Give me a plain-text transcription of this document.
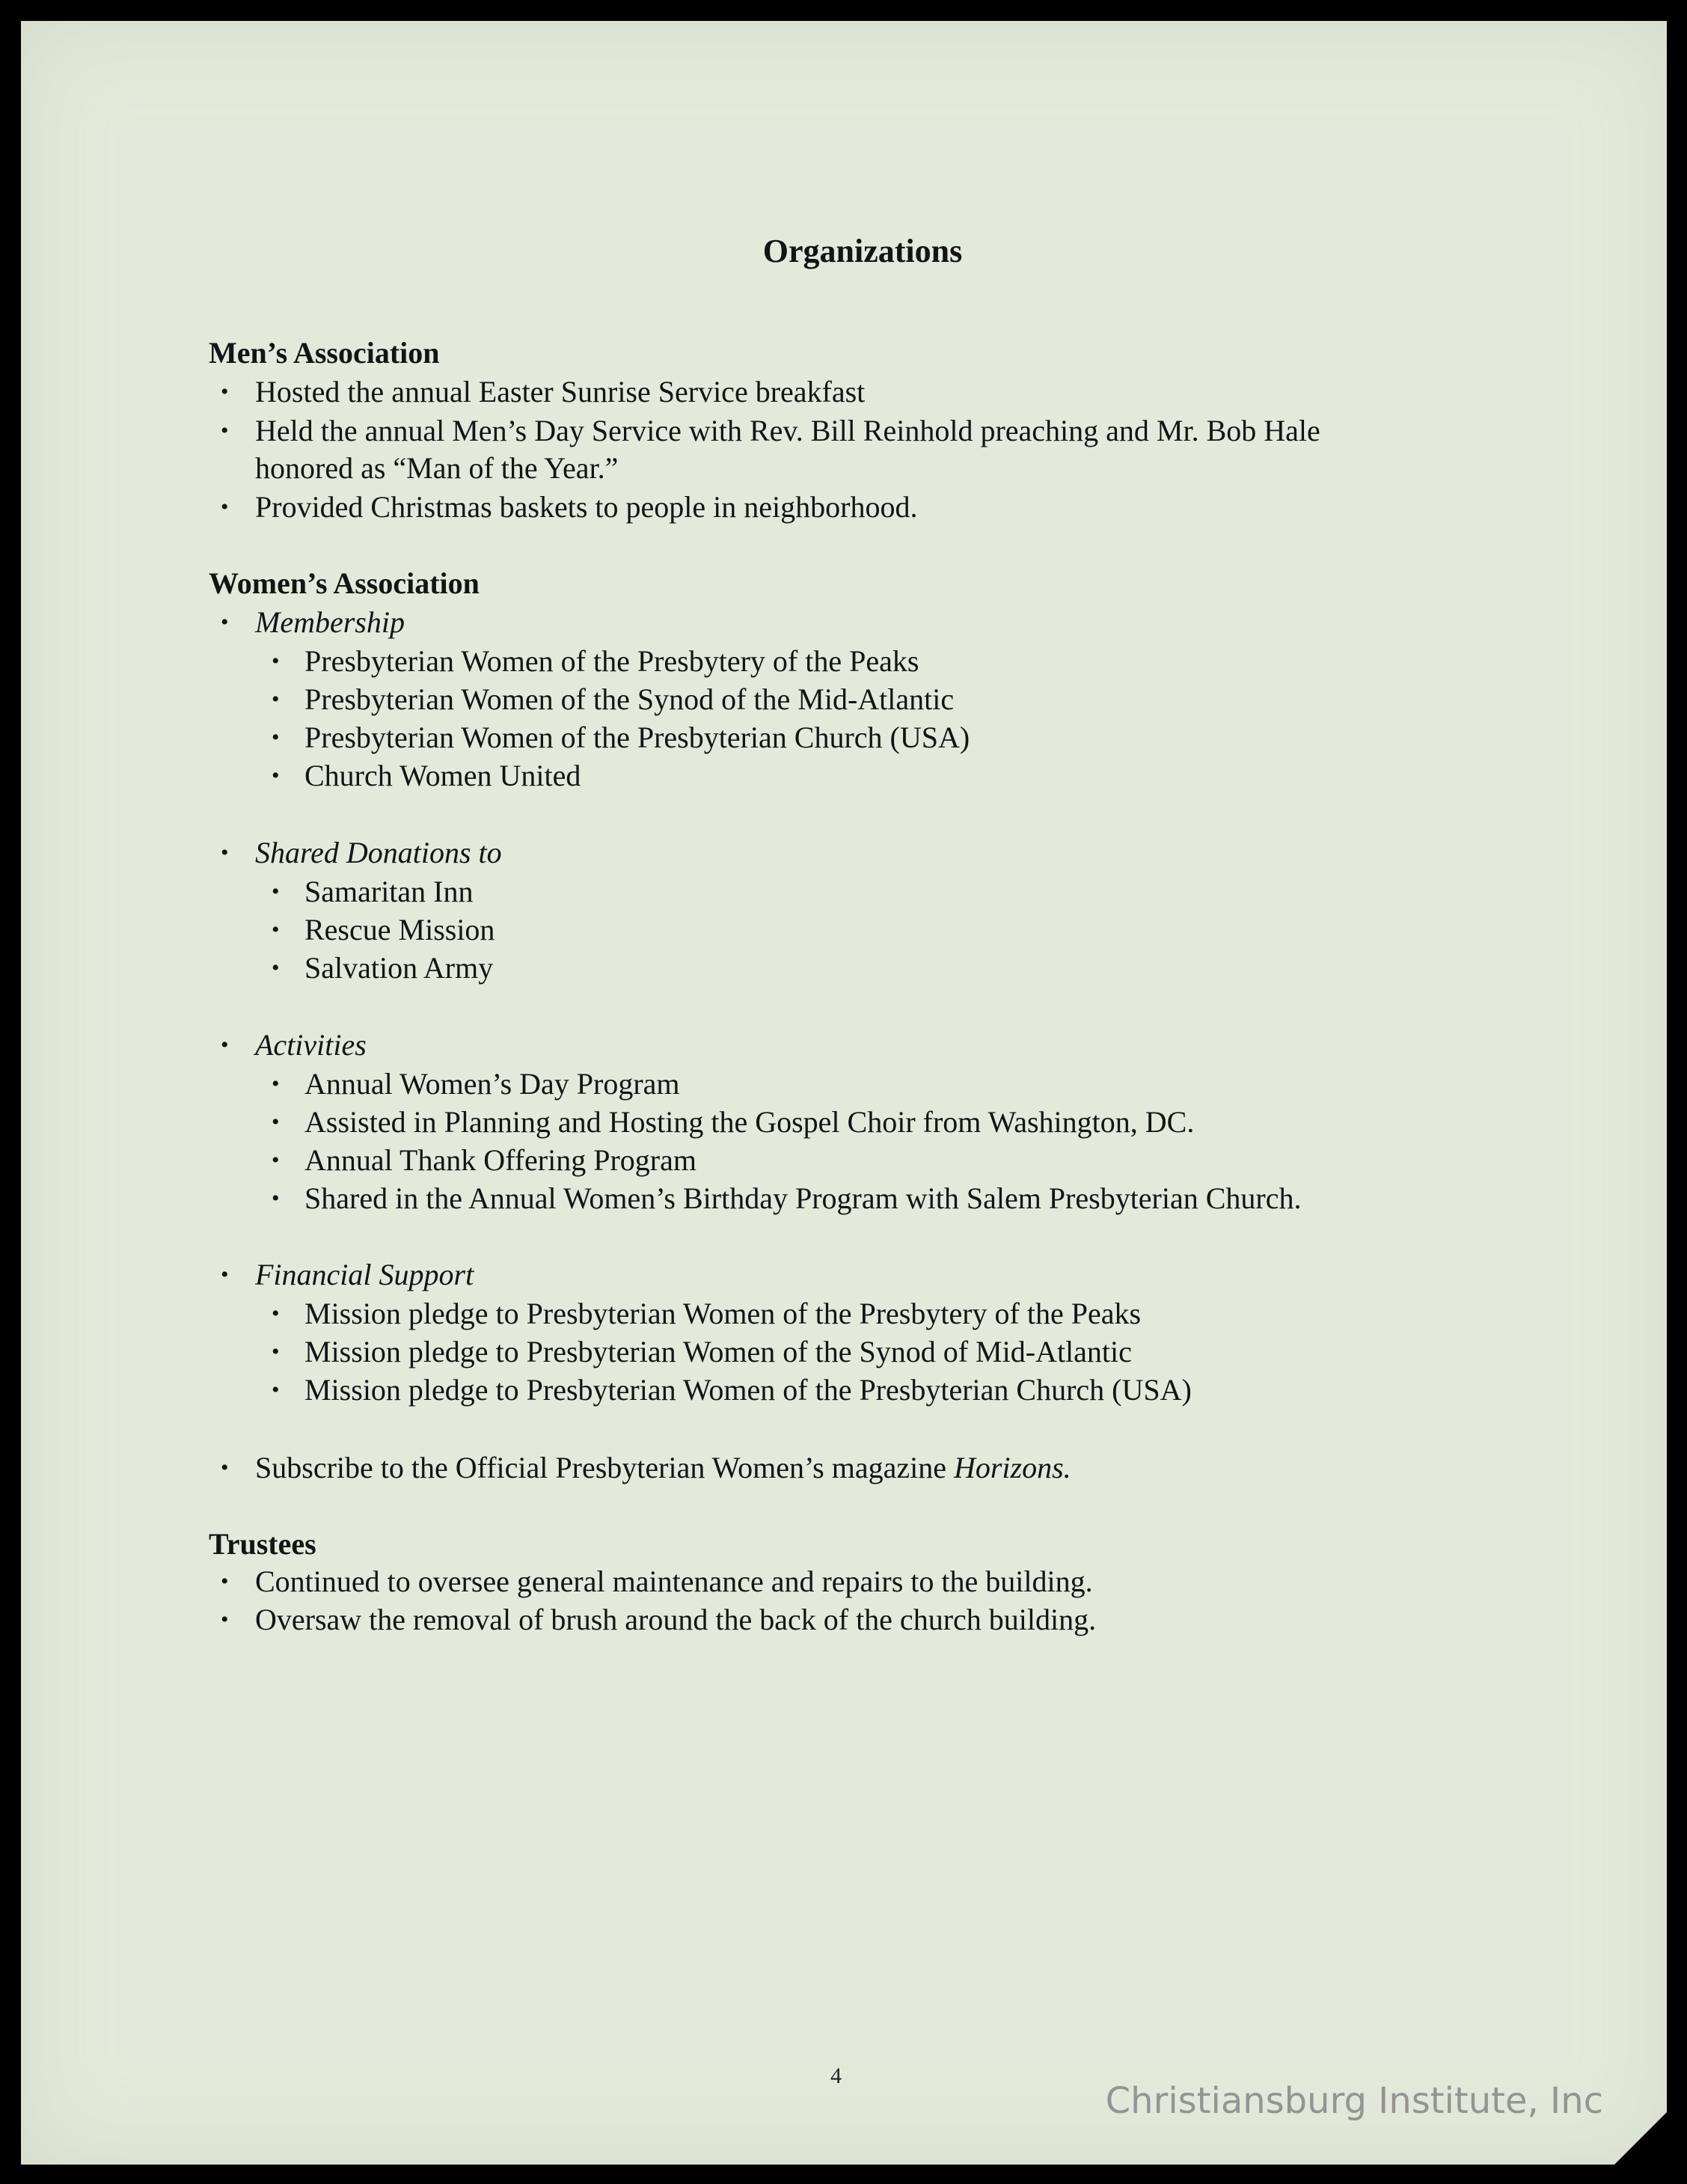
Organizations
Men’s Association
• Hosted the annual Easter Sunrise Service breakfast
• Held the annual Men’s Day Service with Rev. Bill Reinhold preaching and Mr. Bob Hale
honored as “Man of the Year.”
• Provided Christmas baskets to people in neighborhood.
Women’s Association
• Membership
• Presbyterian Women of the Presbytery of the Peaks
• Presbyterian Women of the Synod of the Mid-Atlantic
• Presbyterian Women of the Presbyterian Church (USA)
• Church Women United
• Shared Donations to
• Samaritan Inn
• Rescue Mission
• Salvation Army
• Activities
• Annual Women’s Day Program
• Assisted in Planning and Hosting the Gospel Choir from Washington, DC.
• Annual Thank Offering Program
• Shared in the Annual Women’s Birthday Program with Salem Presbyterian Church.
• Financial Support
• Mission pledge to Presbyterian Women of the Presbytery of the Peaks
• Mission pledge to Presbyterian Women of the Synod of Mid-Atlantic
• Mission pledge to Presbyterian Women of the Presbyterian Church (USA)
• Subscribe to the Official Presbyterian Women’s magazine Horizons.
Trustees
• Continued to oversee general maintenance and repairs to the building.
• Oversaw the removal of brush around the back of the church building.
4
Christiansburg Institute, Inc
